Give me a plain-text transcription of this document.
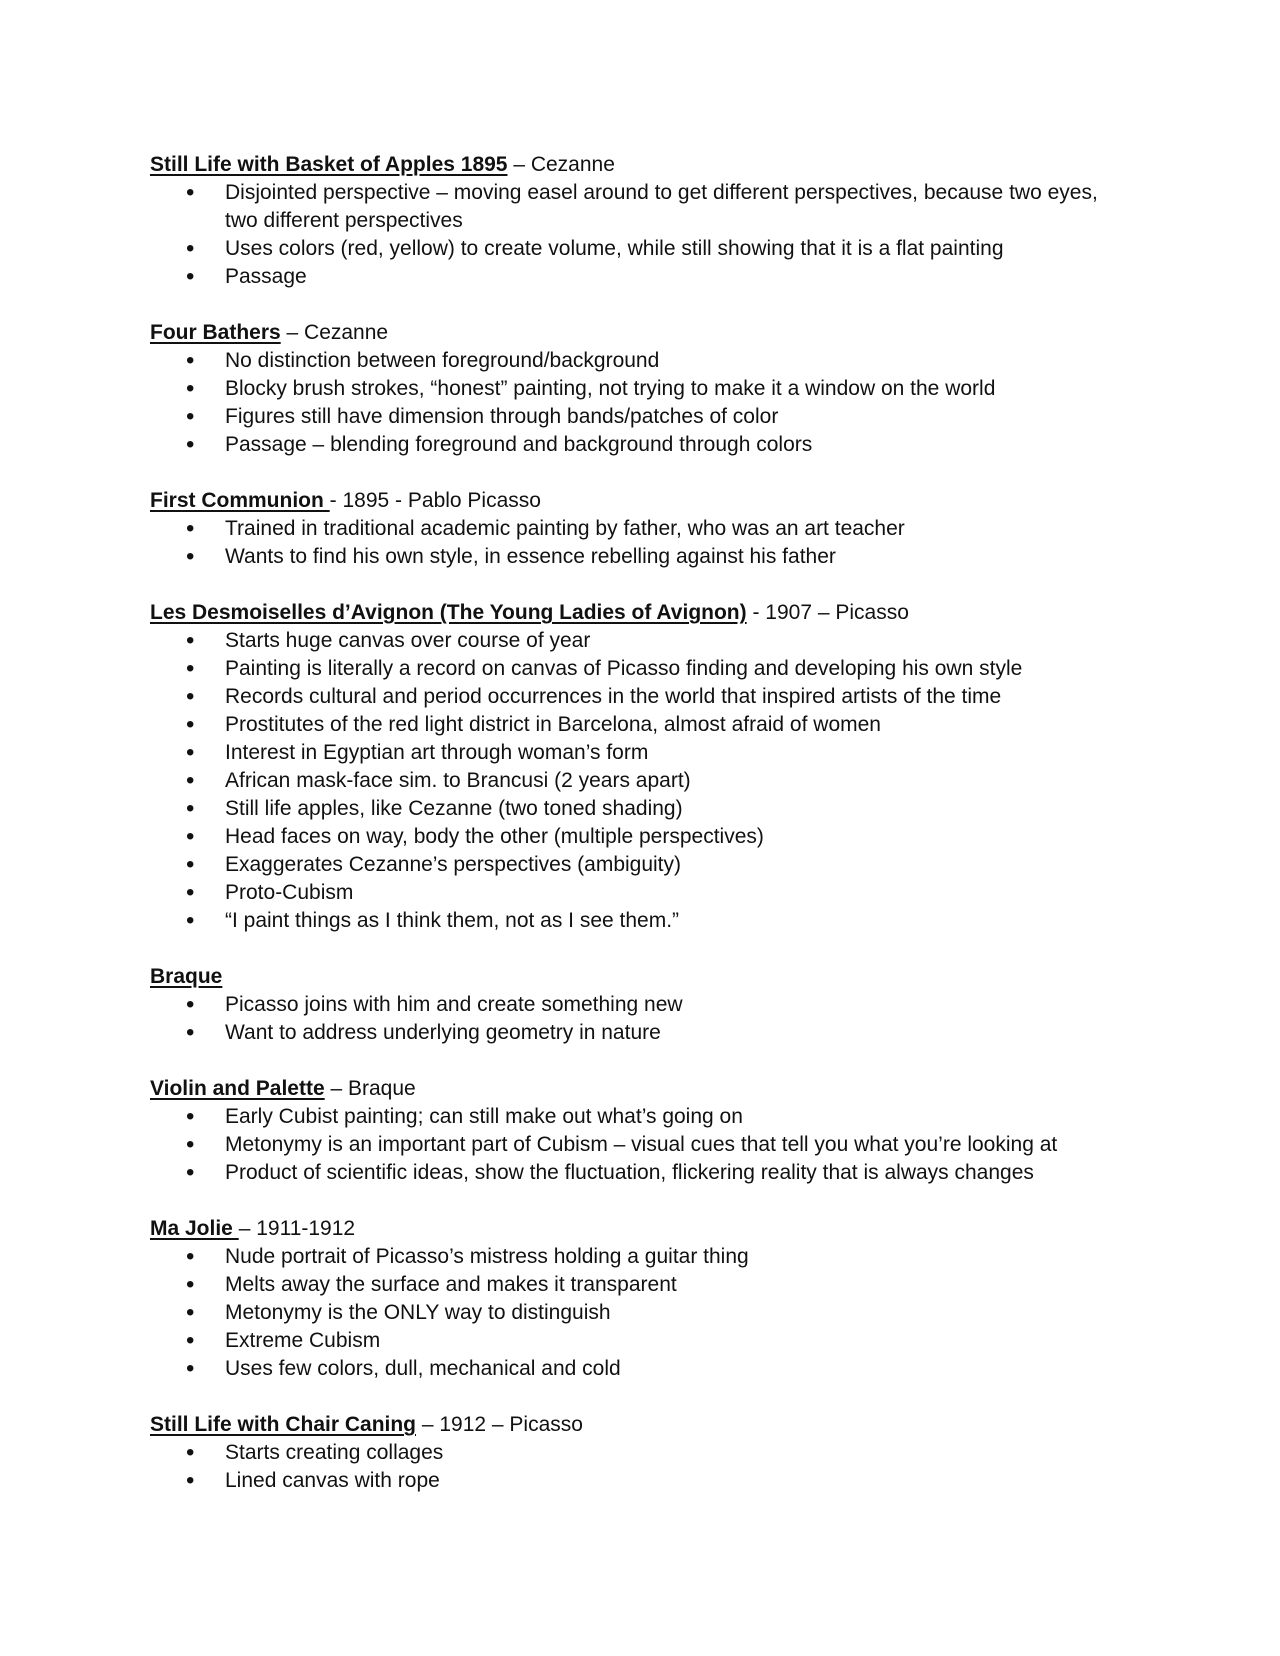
Still Life with Basket of Apples 1895 – Cezanne
• Disjointed perspective – moving easel around to get different perspectives, because two eyes, two different perspectives
• Uses colors (red, yellow) to create volume, while still showing that it is a flat painting
• Passage
Four Bathers – Cezanne
• No distinction between foreground/background
• Blocky brush strokes, “honest” painting, not trying to make it a window on the world
• Figures still have dimension through bands/patches of color
• Passage – blending foreground and background through colors
First Communion - 1895 - Pablo Picasso
• Trained in traditional academic painting by father, who was an art teacher
• Wants to find his own style, in essence rebelling against his father
Les Desmoiselles d’Avignon (The Young Ladies of Avignon) - 1907 – Picasso
• Starts huge canvas over course of year
• Painting is literally a record on canvas of Picasso finding and developing his own style
• Records cultural and period occurrences in the world that inspired artists of the time
• Prostitutes of the red light district in Barcelona, almost afraid of women
• Interest in Egyptian art through woman’s form
• African mask-face sim. to Brancusi (2 years apart)
• Still life apples, like Cezanne (two toned shading)
• Head faces on way, body the other (multiple perspectives)
• Exaggerates Cezanne’s perspectives (ambiguity)
• Proto-Cubism
• “I paint things as I think them, not as I see them.”
Braque
• Picasso joins with him and create something new
• Want to address underlying geometry in nature
Violin and Palette – Braque
• Early Cubist painting; can still make out what’s going on
• Metonymy is an important part of Cubism – visual cues that tell you what you’re looking at
• Product of scientific ideas, show the fluctuation, flickering reality that is always changes
Ma Jolie – 1911-1912
• Nude portrait of Picasso’s mistress holding a guitar thing
• Melts away the surface and makes it transparent
• Metonymy is the ONLY way to distinguish
• Extreme Cubism
• Uses few colors, dull, mechanical and cold
Still Life with Chair Caning – 1912 – Picasso
• Starts creating collages
• Lined canvas with rope
